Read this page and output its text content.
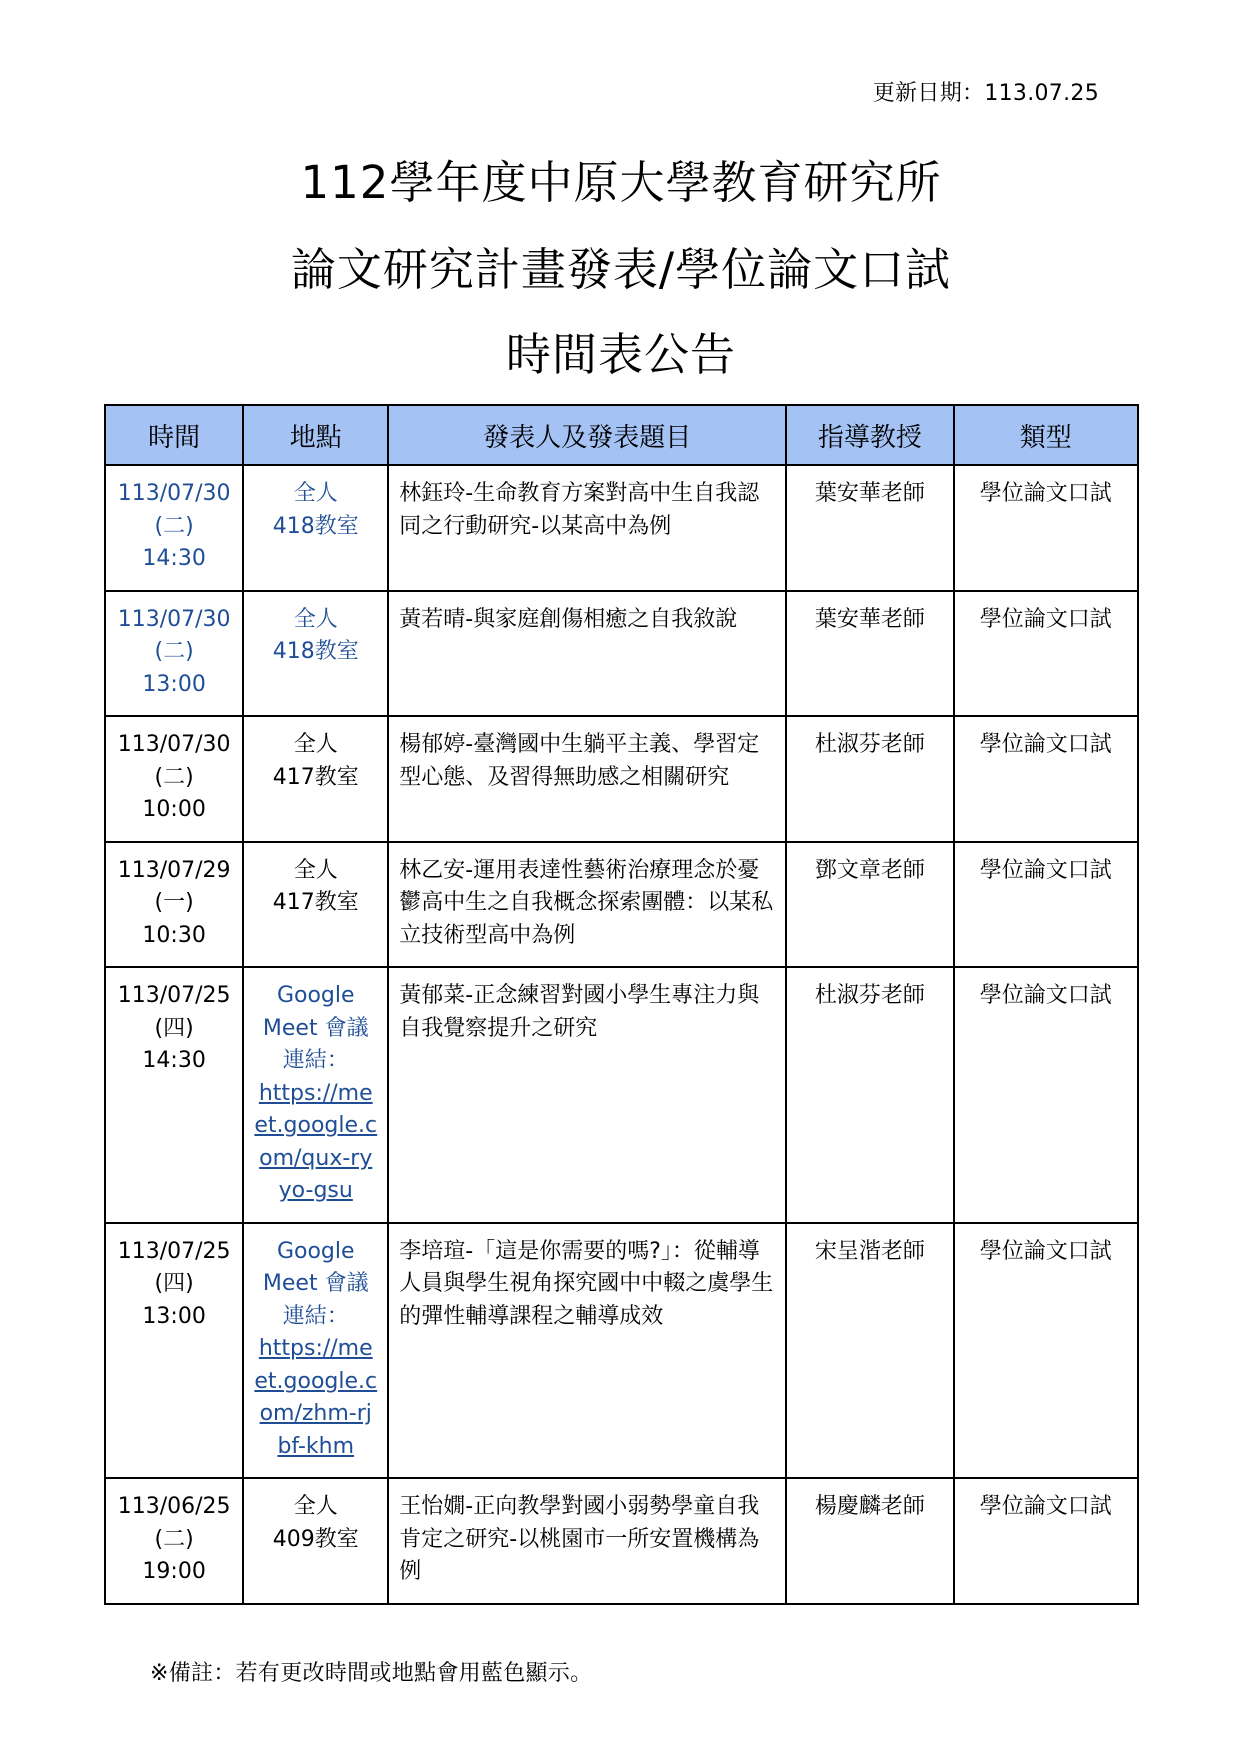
更新日期：113.07.25
112學年度中原大學教育研究所
論文研究計畫發表/學位論文口試
時間表公告
時間	地點	發表人及發表題目	指導教授	類型

113/07/30
(二)
14:30	全人
418教室	林鈺玲-生命教育方案對高中生自我認同之行動研究-以某高中為例	葉安華老師	學位論文口試

113/07/30
(二)
13:00	全人
418教室	黃若晴-與家庭創傷相癒之自我敘說	葉安華老師	學位論文口試

113/07/30
(二)
10:00	全人
417教室	楊郁婷-臺灣國中生躺平主義、學習定型心態、及習得無助感之相關研究	杜淑芬老師	學位論文口試

113/07/29
(一)
10:30	全人
417教室	林乙安-運用表達性藝術治療理念於憂鬱高中生之自我概念探索團體：以某私立技術型高中為例	鄧文章老師	學位論文口試

113/07/25
(四)
14:30	Google Meet 會議連結：
https://meet.google.com/qux-ryyo-gsu	黃郁菜-正念練習對國小學生專注力與自我覺察提升之研究	杜淑芬老師	學位論文口試

113/07/25
(四)
13:00	Google Meet 會議連結：
https://meet.google.com/zhm-rjbf-khm	李培瑄-「這是你需要的嗎?」：從輔導人員與學生視角探究國中中輟之虞學生的彈性輔導課程之輔導成效	宋呈湝老師	學位論文口試

113/06/25
(二)
19:00	全人
409教室	王怡嫺-正向教學對國小弱勢學童自我肯定之研究-以桃園市一所安置機構為例	楊慶麟老師	學位論文口試
※備註：若有更改時間或地點會用藍色顯示。
